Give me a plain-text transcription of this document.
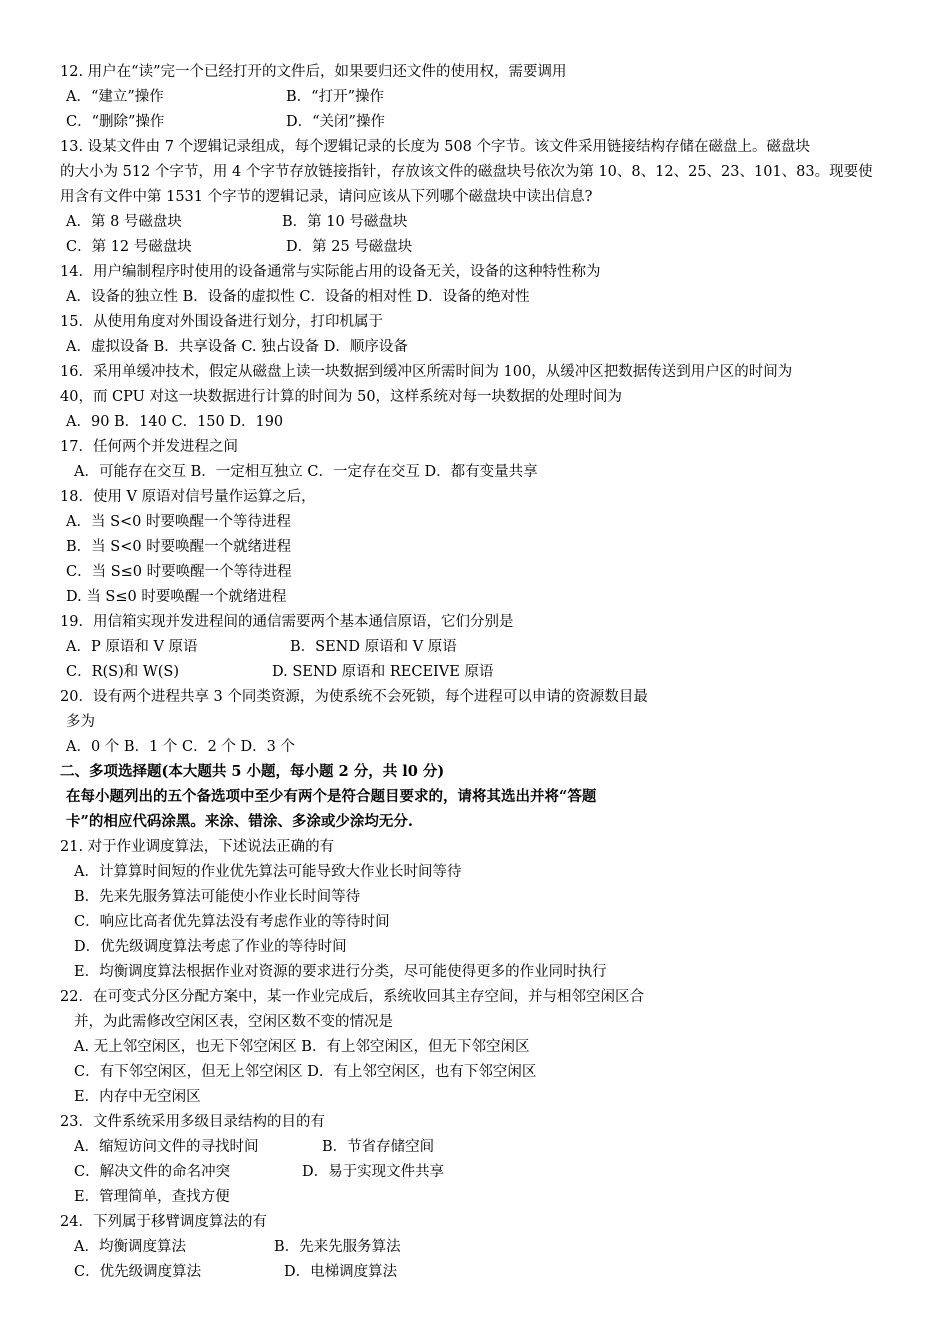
12. 用户在“读”完一个已经打开的文件后，如果要归还文件的使用权，需要调用
A．“建立”操作	B．“打开”操作
C．“删除”操作	D．“关闭”操作
13. 设某文件由 7 个逻辑记录组成，每个逻辑记录的长度为 508 个字节。该文件采用链接结构存储在磁盘上。磁盘块
的大小为 512 个字节，用 4 个字节存放链接指针，存放该文件的磁盘块号依次为第 10、8、12、25、23、101、83。现要使
用含有文件中第 1531 个字节的逻辑记录，请问应该从下列哪个磁盘块中读出信息?
A．第 8 号磁盘块	B．第 10 号磁盘块
C．第 12 号磁盘块	D．第 25 号磁盘块
14．用户编制程序时使用的设备通常与实际能占用的设备无关，设备的这种特性称为
A．设备的独立性 B．设备的虚拟性 C．设备的相对性 D．设备的绝对性
15．从使用角度对外围设备进行划分，打印机属于
A．虚拟设备 B．共享设备 C. 独占设备 D．顺序设备
16．采用单缓冲技术，假定从磁盘上读一块数据到缓冲区所需时间为 100，从缓冲区把数据传送到用户区的时间为
40，而 CPU 对这一块数据进行计算的时间为 50，这样系统对每一块数据的处理时间为
A．90 B．140 C．150 D．190
17．任何两个并发进程之间
A．可能存在交互 B．一定相互独立 C．一定存在交互 D．都有变量共享
18．使用 V 原语对信号量作运算之后，
A．当 S<0 时要唤醒一个等待进程
B．当 S<0 时要唤醒一个就绪进程
C．当 S≤0 时要唤醒一个等待进程
D. 当 S≤0 时要唤醒一个就绪进程
19．用信箱实现并发进程间的通信需要两个基本通信原语，它们分别是
A．P 原语和 V 原语	B．SEND 原语和 V 原语
C．R(S)和 W(S)	D. SEND 原语和 RECEIVE 原语
20．设有两个进程共享 3 个同类资源，为使系统不会死锁，每个进程可以申请的资源数目最
多为
A．0 个 B．1 个 C．2 个 D．3 个
二、多项选择题(本大题共 5 小题，每小题 2 分，共 l0 分)
在每小题列出的五个备选项中至少有两个是符合题目要求的，请将其选出并将“答题
卡”的相应代码涂黑。来涂、错涂、多涂或少涂均无分.
21. 对于作业调度算法，下述说法正确的有
A．计算算时间短的作业优先算法可能导致大作业长时间等待
B．先来先服务算法可能使小作业长时间等待
C．响应比高者优先算法没有考虑作业的等待时间
D．优先级调度算法考虑了作业的等待时间
E．均衡调度算法根据作业对资源的要求进行分类，尽可能使得更多的作业同时执行
22．在可变式分区分配方案中，某一作业完成后，系统收回其主存空间，并与相邻空闲区合
并，为此需修改空闲区表，空闲区数不变的情况是
A. 无上邻空闲区，也无下邻空闲区 B．有上邻空闲区，但无下邻空闲区
C．有下邻空闲区，但无上邻空闲区 D．有上邻空闲区，也有下邻空闲区
E．内存中无空闲区
23．文件系统采用多级目录结构的目的有
A．缩短访问文件的寻找时间	B．节省存储空间
C．解决文件的命名冲突	D．易于实现文件共享
E．管理简单，查找方便
24．下列属于移臂调度算法的有
A．均衡调度算法	B．先来先服务算法
C．优先级调度算法	D．电梯调度算法
